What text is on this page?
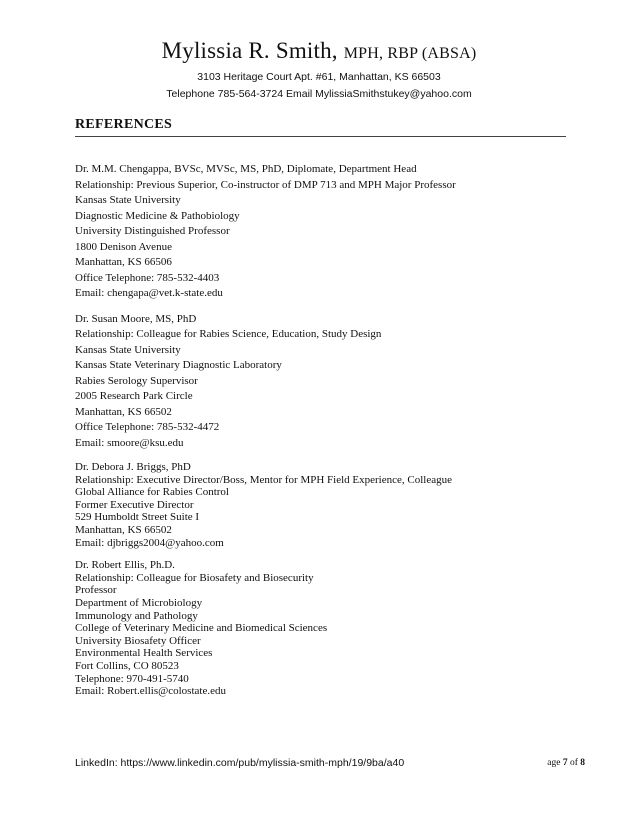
Mylissia R. Smith, MPH, RBP (ABSA)
3103 Heritage Court Apt. #61, Manhattan, KS 66503
Telephone 785-564-3724 Email MylissiaSmithstukey@yahoo.com
REFERENCES
Dr. M.M. Chengappa, BVSc, MVSc, MS, PhD, Diplomate, Department Head
Relationship: Previous Superior, Co-instructor of DMP 713 and MPH Major Professor
Kansas State University
Diagnostic Medicine & Pathobiology
University Distinguished Professor
1800 Denison Avenue
Manhattan, KS 66506
Office Telephone: 785-532-4403
Email: chengapa@vet.k-state.edu
Dr. Susan Moore, MS, PhD
Relationship: Colleague for Rabies Science, Education, Study Design
Kansas State University
Kansas State Veterinary Diagnostic Laboratory
Rabies Serology Supervisor
2005 Research Park Circle
Manhattan, KS 66502
Office Telephone: 785-532-4472
Email: smoore@ksu.edu
Dr. Debora J. Briggs, PhD
Relationship: Executive Director/Boss, Mentor for MPH Field Experience, Colleague
Global Alliance for Rabies Control
Former Executive Director
529 Humboldt Street Suite I
Manhattan, KS 66502
Email: djbriggs2004@yahoo.com
Dr. Robert Ellis, Ph.D.
Relationship: Colleague for Biosafety and Biosecurity
Professor
Department of Microbiology
Immunology and Pathology
College of Veterinary Medicine and Biomedical Sciences
University Biosafety Officer
Environmental Health Services
Fort Collins, CO 80523
Telephone: 970-491-5740
Email: Robert.ellis@colostate.edu
LinkedIn: https://www.linkedin.com/pub/mylissia-smith-mph/19/9ba/a40	age 7 of 8
